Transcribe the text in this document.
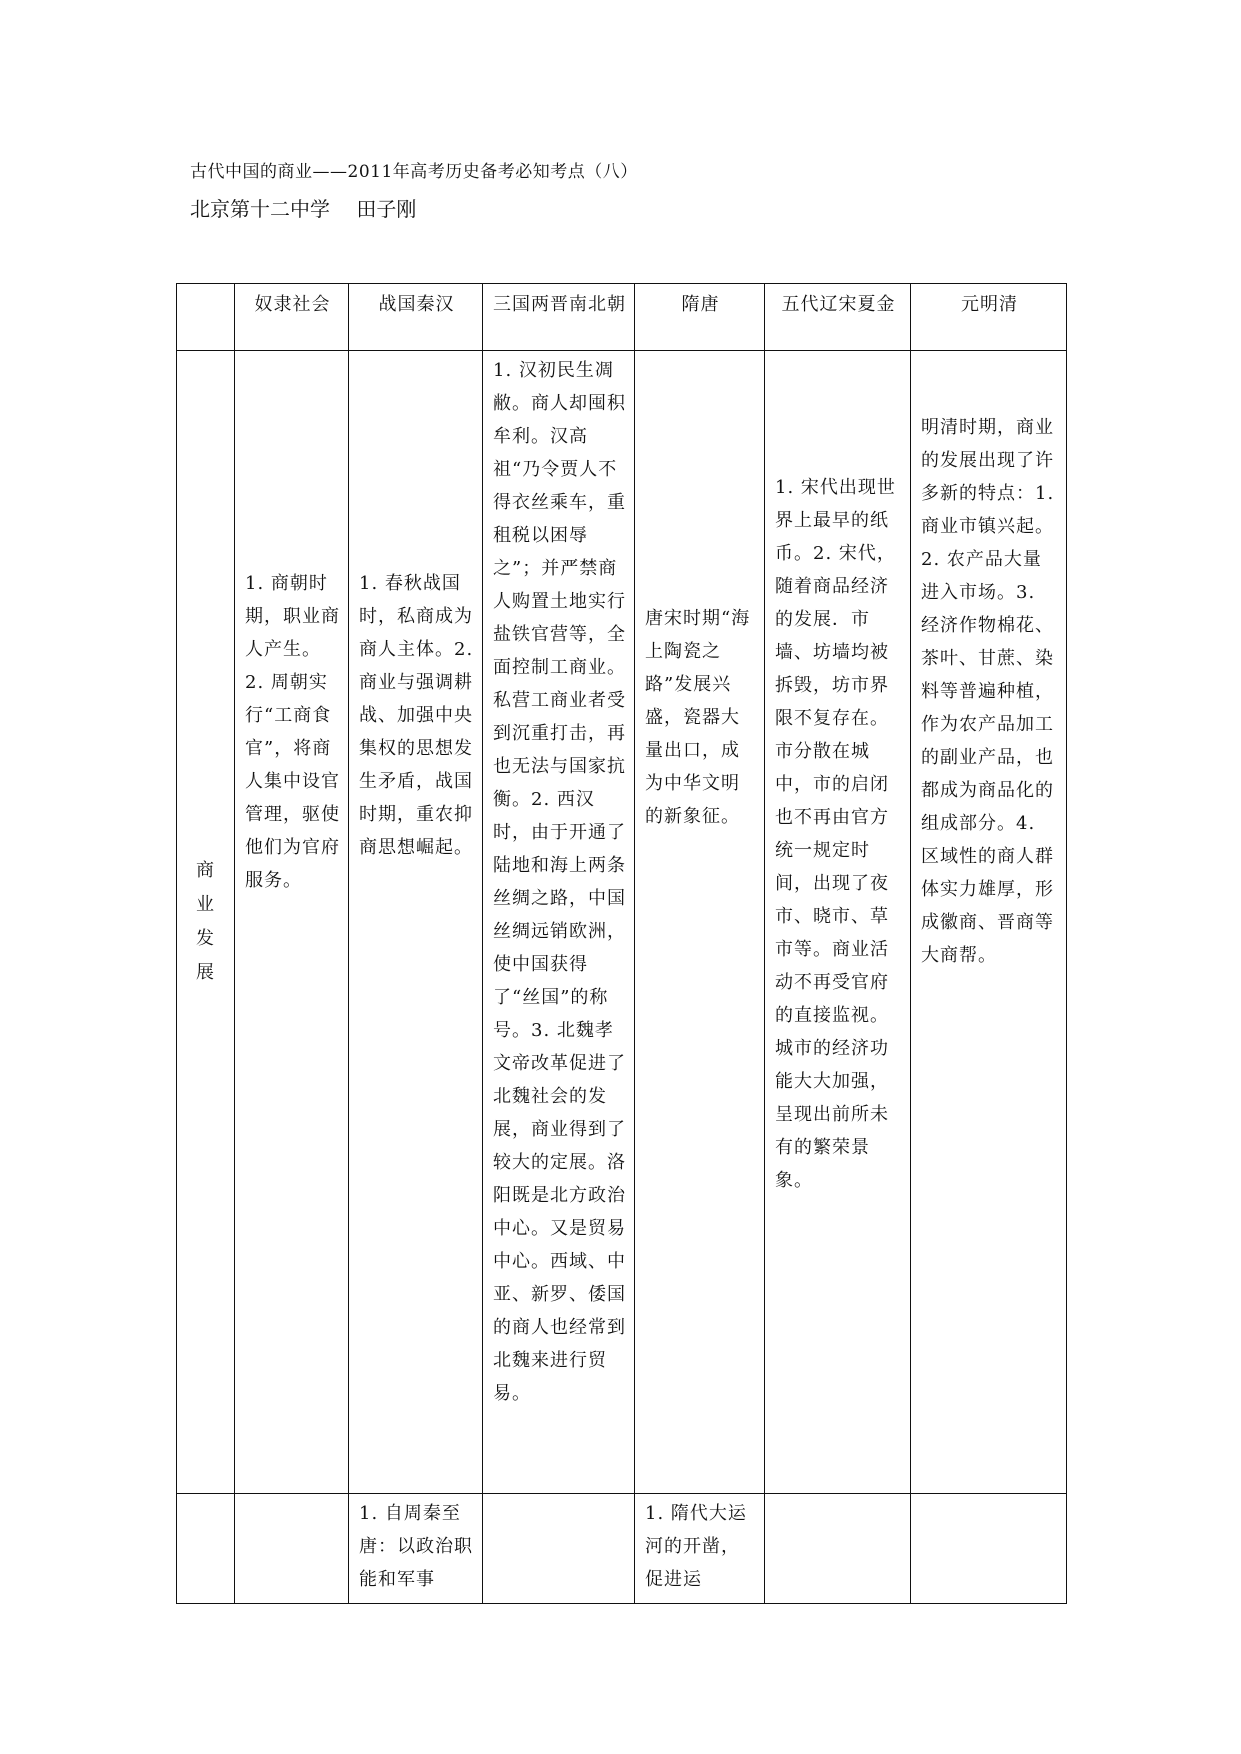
古代中国的商业——2011年高考历史备考必知考点（八）
北京第十二中学　 田子刚
	奴隶社会	战国秦汉	三国两晋南北朝	隋唐	五代辽宋夏金	元明清

商业发展	1. 商朝时期，职业商人产生。2. 周朝实行“工商食官”，将商人集中设官管理，驱使他们为官府服务。	1. 春秋战国时，私商成为商人主体。2. 商业与强调耕战、加强中央集权的思想发生矛盾，战国时期，重农抑商思想崛起。	1. 汉初民生凋敝。商人却囤积牟利。汉高祖“乃令贾人不得衣丝乘车，重租税以困辱之”；并严禁商人购置土地实行盐铁官营等，全面控制工商业。私营工商业者受到沉重打击，再也无法与国家抗衡。2. 西汉时，由于开通了陆地和海上两条丝绸之路，中国丝绸远销欧洲，使中国获得了“丝国”的称号。3. 北魏孝文帝改革促进了北魏社会的发展，商业得到了较大的定展。洛阳既是北方政治中心。又是贸易中心。西域、中亚、新罗、倭国的商人也经常到北魏来进行贸易。	唐宋时期“海上陶瓷之路”发展兴盛，瓷器大量出口，成为中华文明的新象征。	1. 宋代出现世界上最早的纸币。2. 宋代，随着商品经济的发展．市墙、坊墙均被拆毁，坊市界限不复存在。市分散在城中，市的启闭也不再由官方统一规定时间，出现了夜市、晓市、草市等。商业活动不再受官府的直接监视。城市的经济功能大大加强，呈现出前所未有的繁荣景象。	明清时期，商业的发展出现了许多新的特点：1. 商业市镇兴起。2. 农产品大量进入市场。3. 经济作物棉花、茶叶、甘蔗、染料等普遍种植，作为农产品加工的副业产品，也都成为商品化的组成部分。4. 区域性的商人群体实力雄厚，形成徽商、晋商等大商帮。
		1. 自周秦至唐：以政治职能和军事		1. 隋代大运河的开凿，促进运		
